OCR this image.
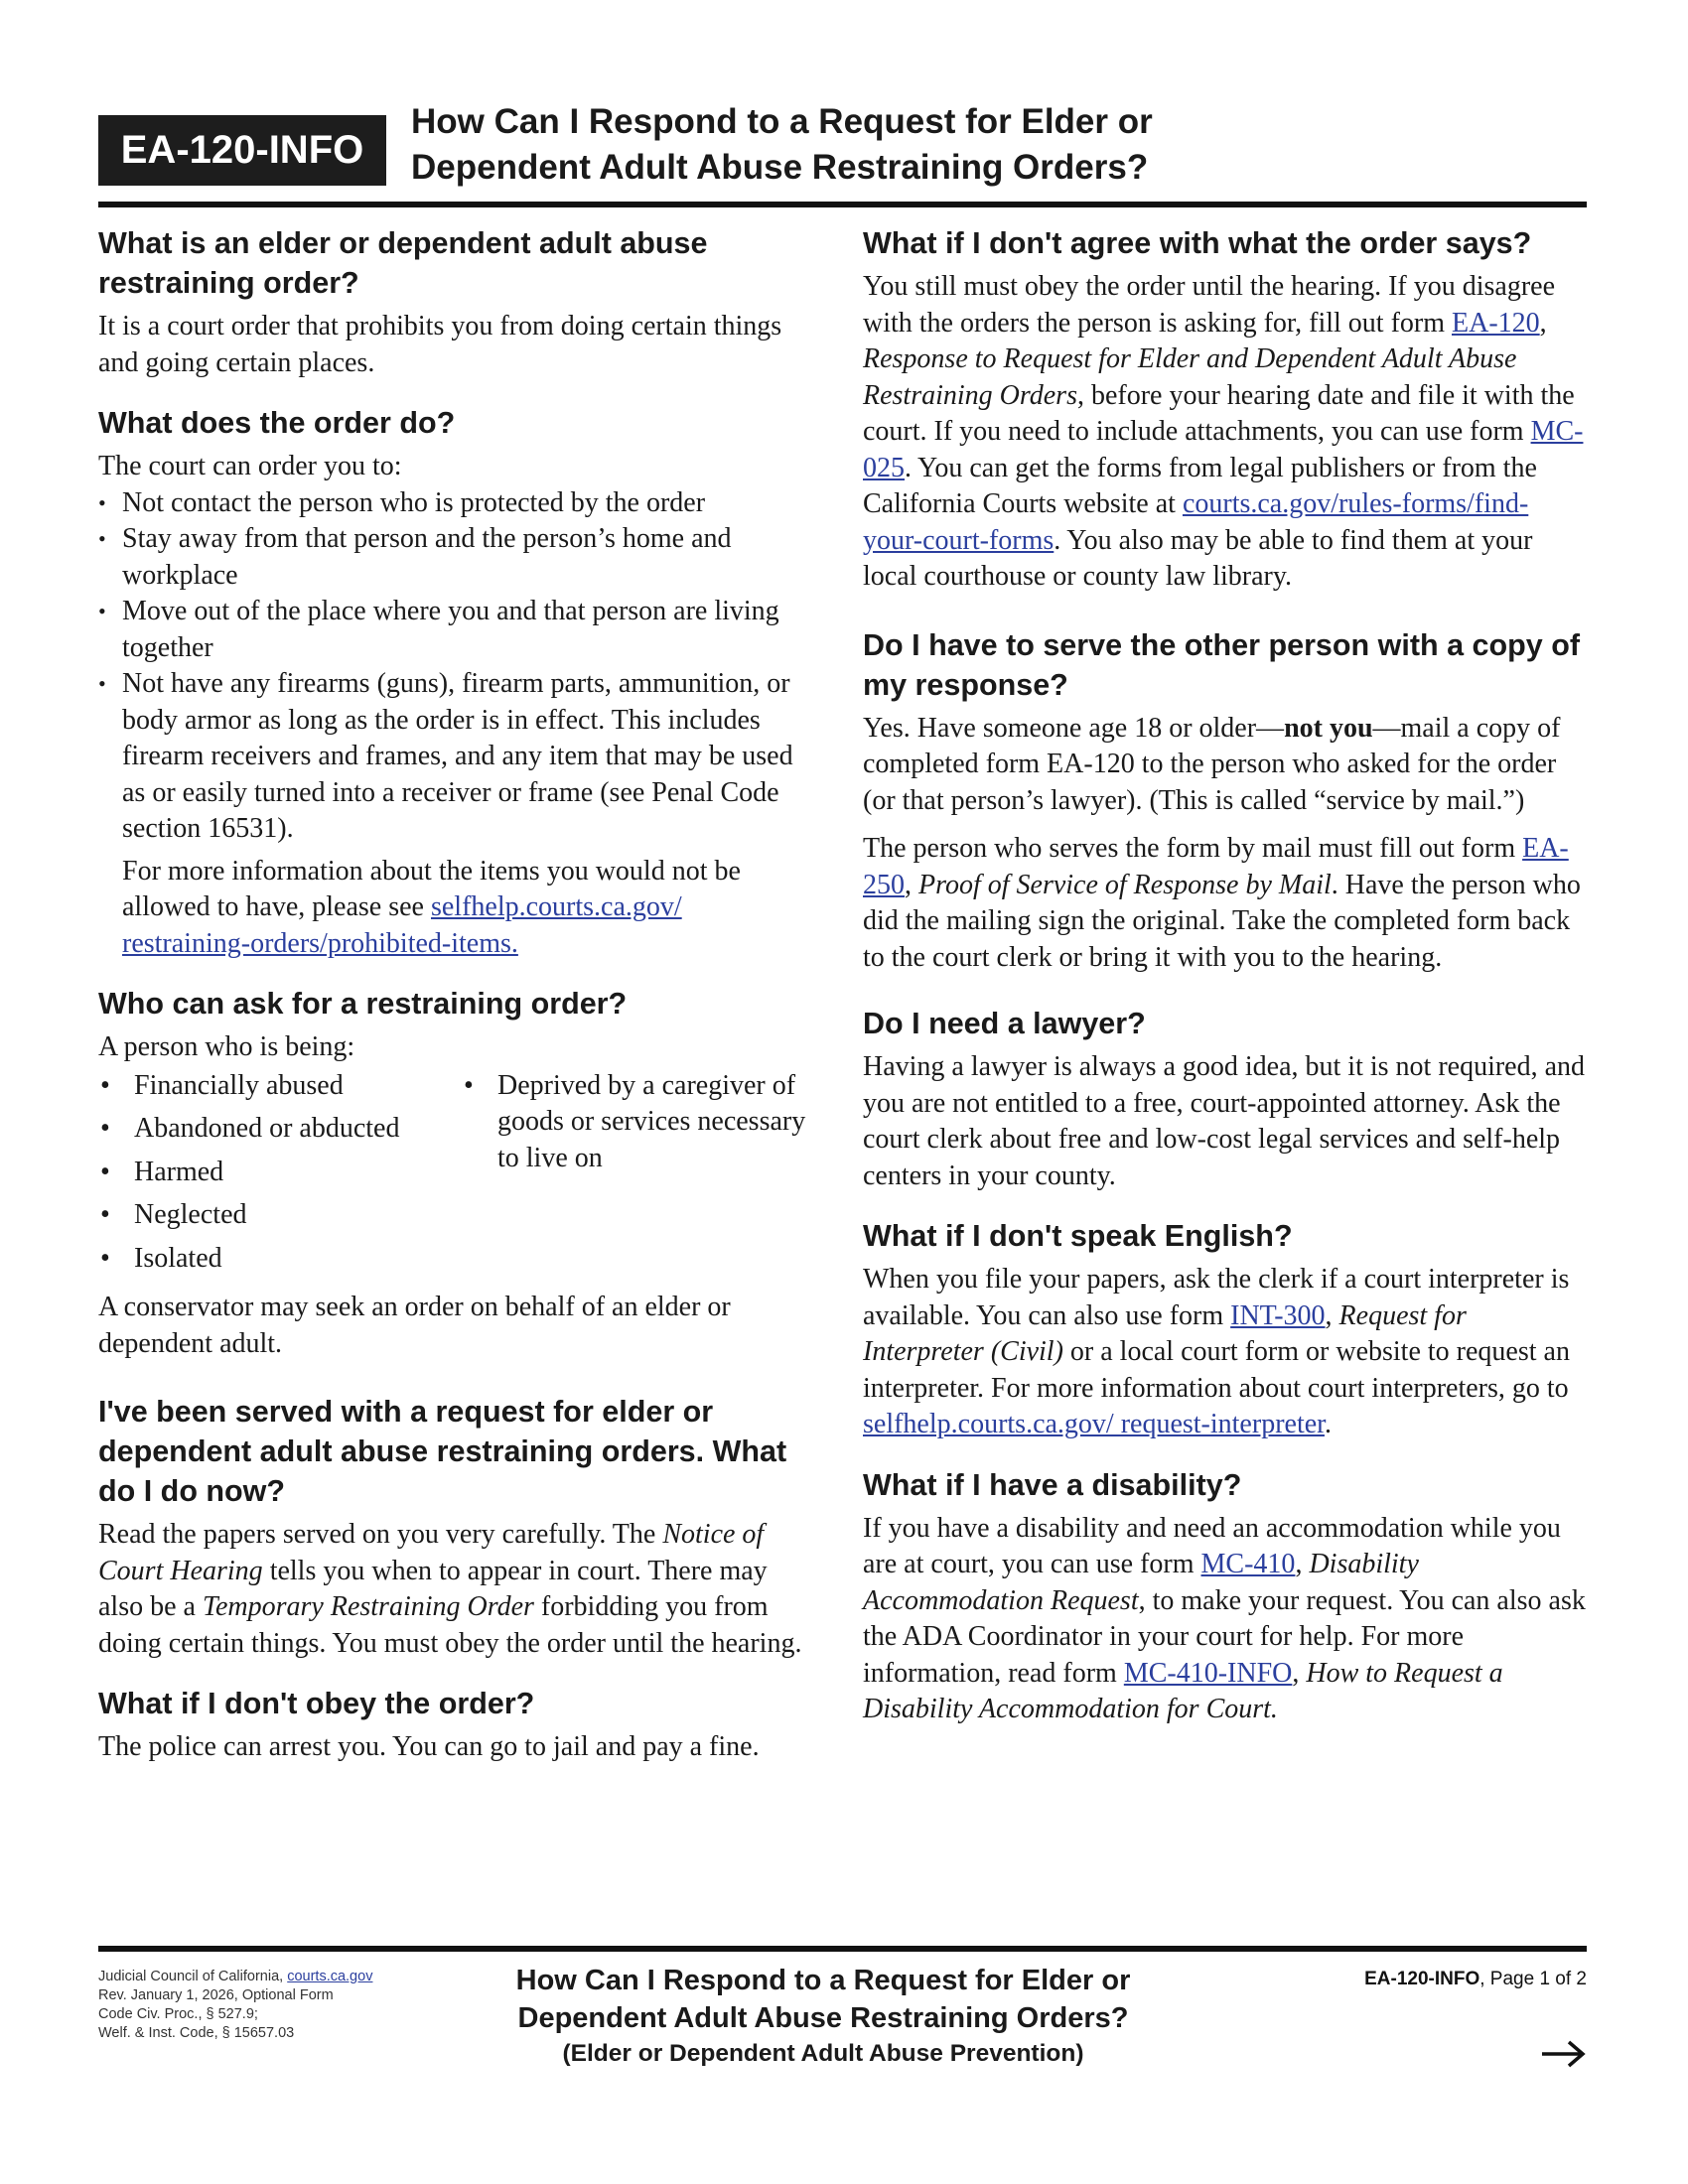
EA-120-INFO
How Can I Respond to a Request for Elder or
Dependent Adult Abuse Restraining Orders?
What is an elder or dependent adult abuse restraining order?

It is a court order that prohibits you from doing certain things and going certain places.

What does the order do?

The court can order you to:

• Not contact the person who is protected by the order
• Stay away from that person and the person’s home and workplace
• Move out of the place where you and that person are living together
• Not have any firearms (guns), firearm parts, ammunition, or body armor as long as the order is in effect. This includes firearm receivers and frames, and any item that may be used as or easily turned into a receiver or frame (see Penal Code section 16531).

For more information about the items you would not be allowed to have, please see selfhelp.courts.ca.gov/ restraining-orders/prohibited-items.

Who can ask for a restraining order?

A person who is being:

• Financially abused
• Abandoned or abducted
• Harmed
• Neglected
• Isolated
• Deprived by a caregiver of goods or services necessary to live on

A conservator may seek an order on behalf of an elder or dependent adult.

I've been served with a request for elder or dependent adult abuse restraining orders. What do I do now?

Read the papers served on you very carefully. The Notice of Court Hearing tells you when to appear in court. There may also be a Temporary Restraining Order forbidding you from doing certain things. You must obey the order until the hearing.

What if I don't obey the order?

The police can arrest you. You can go to jail and pay a fine.

What if I don't agree with what the order says?

You still must obey the order until the hearing. If you disagree with the orders the person is asking for, fill out form EA-120, Response to Request for Elder and Dependent Adult Abuse Restraining Orders, before your hearing date and file it with the court. If you need to include attachments, you can use form MC-025. You can get the forms from legal publishers or from the California Courts website at courts.ca.gov/rules-forms/find-your-court-forms. You also may be able to find them at your local courthouse or county law library.

Do I have to serve the other person with a copy of my response?

Yes. Have someone age 18 or older—not you—mail a copy of completed form EA-120 to the person who asked for the order (or that person’s lawyer). (This is called “service by mail.”)

The person who serves the form by mail must fill out form EA-250, Proof of Service of Response by Mail. Have the person who did the mailing sign the original. Take the completed form back to the court clerk or bring it with you to the hearing.

Do I need a lawyer?

Having a lawyer is always a good idea, but it is not required, and you are not entitled to a free, court-appointed attorney. Ask the court clerk about free and low-cost legal services and self-help centers in your county.

What if I don't speak English?

When you file your papers, ask the clerk if a court interpreter is available. You can also use form INT-300, Request for Interpreter (Civil) or a local court form or website to request an interpreter. For more information about court interpreters, go to selfhelp.courts.ca.gov/ request-interpreter.

What if I have a disability?

If you have a disability and need an accommodation while you are at court, you can use form MC-410, Disability Accommodation Request, to make your request. You can also ask the ADA Coordinator in your court for help. For more information, read form MC-410-INFO, How to Request a Disability Accommodation for Court.

Judicial Council of California, courts.ca.gov
Rev. January 1, 2026, Optional Form
Code Civ. Proc., § 527.9;
Welf. & Inst. Code, § 15657.03
How Can I Respond to a Request for Elder or
Dependent Adult Abuse Restraining Orders?
(Elder or Dependent Adult Abuse Prevention)
EA-120-INFO, Page 1 of 2
